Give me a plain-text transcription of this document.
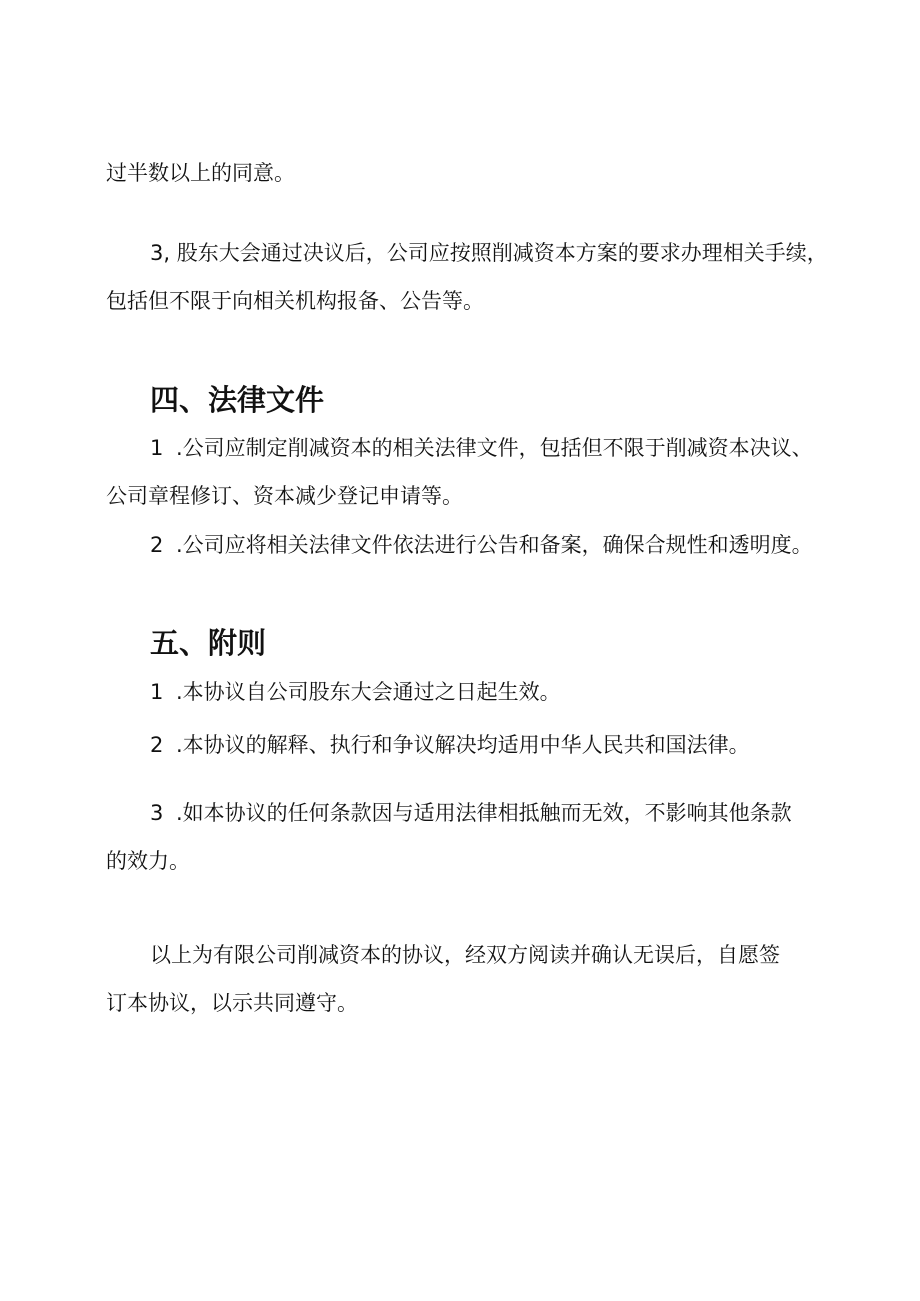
过半数以上的同意。
3, 股东大会通过决议后，公司应按照削减资本方案的要求办理相关手续，
包括但不限于向相关机构报备、公告等。
四、法律文件
1 .公司应制定削减资本的相关法律文件，包括但不限于削减资本决议、
公司章程修订、资本减少登记申请等。
2 .公司应将相关法律文件依法进行公告和备案，确保合规性和透明度。
五、附则
1 .本协议自公司股东大会通过之日起生效。
2 .本协议的解释、执行和争议解决均适用中华人民共和国法律。
3 .如本协议的任何条款因与适用法律相抵触而无效，不影响其他条款
的效力。
以上为有限公司削减资本的协议，经双方阅读并确认无误后，自愿签
订本协议，以示共同遵守。
